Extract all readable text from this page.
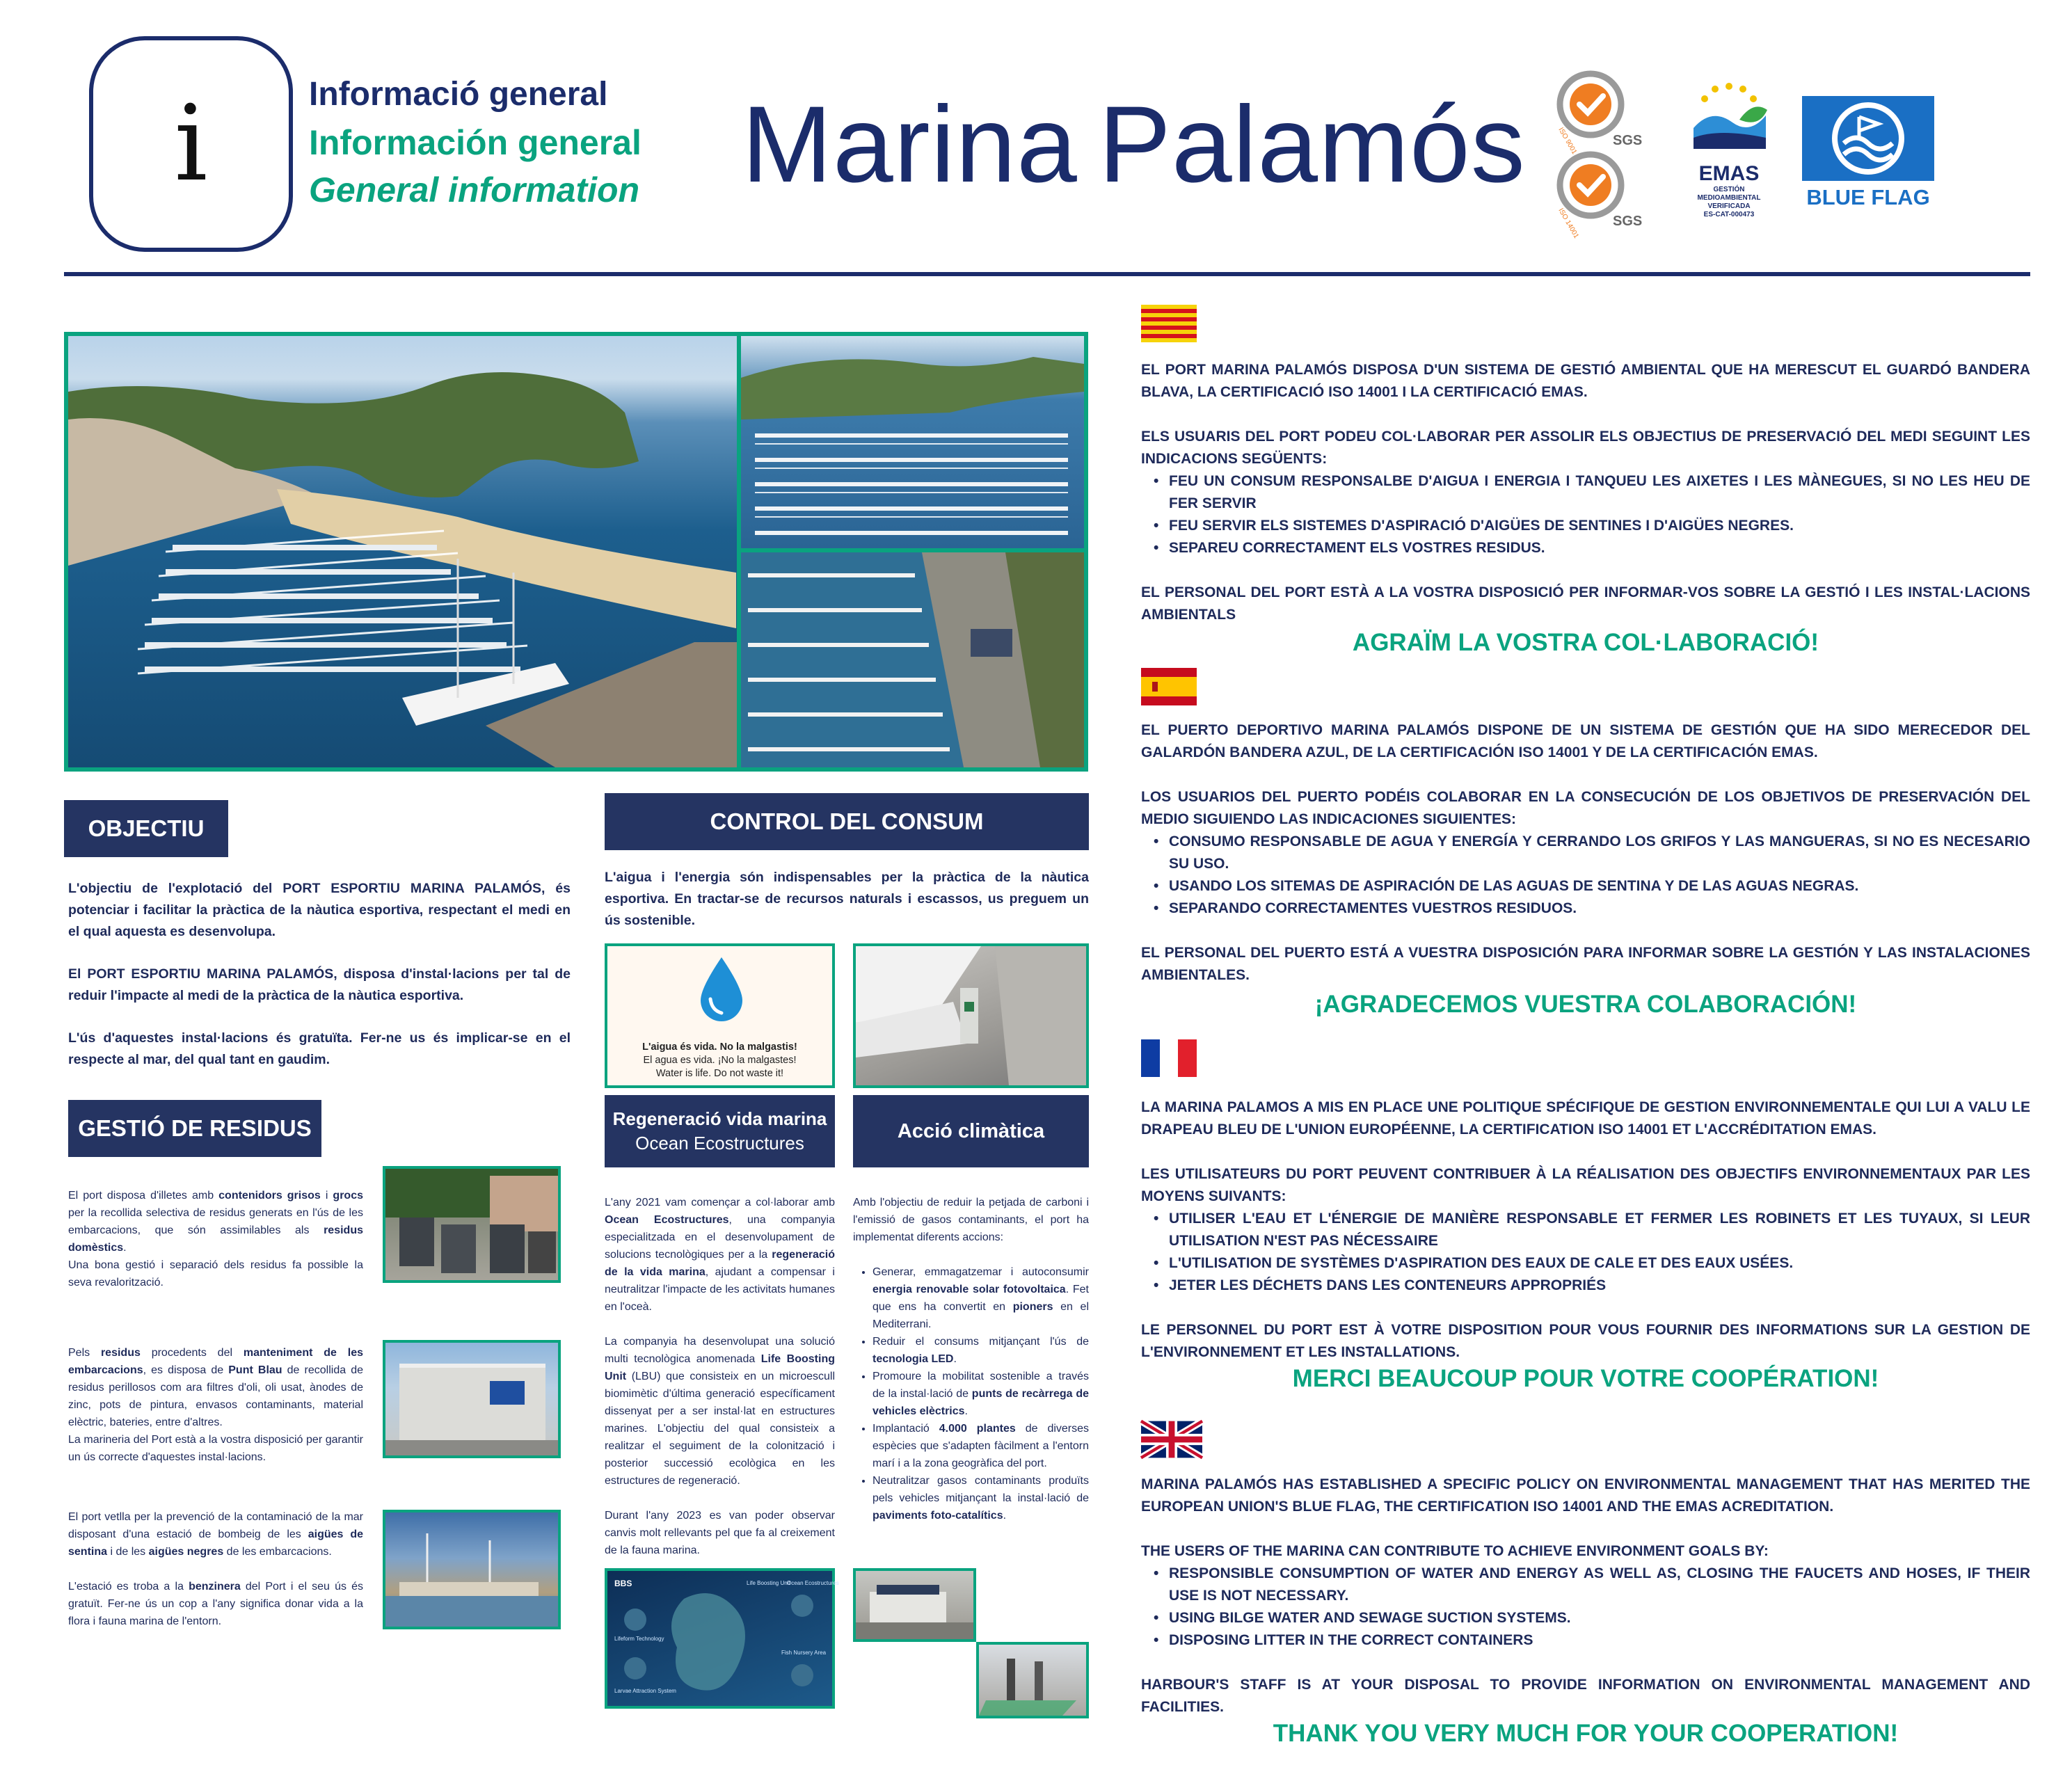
i	Informació general
Información general
General information Marina Palamós	SGS
ISO 9001
SGS
ISO 14001
EMAS
GESTIÓN
MEDIOAMBIENTAL
VERIFICADA
ES-CAT-000473
BLUE FLAG
OBJECTIU

L'objectiu de l'explotació del PORT ESPORTIU MARINA PALAMÓS, és potenciar i facilitar la pràctica de la nàutica esportiva, respectant el medi en el qual aquesta es desenvolupa.

El PORT ESPORTIU MARINA PALAMÓS, disposa d'instal·lacions per tal de reduir l'impacte al medi de la pràctica de la nàutica esportiva.

L'ús d'aquestes instal·lacions és gratuïta. Fer-ne us és implicar-se en el respecte al mar, del qual tant en gaudim.

GESTIÓ DE RESIDUS
El port disposa d'illetes amb contenidors grisos i grocs per la recollida selectiva de residus generats en l'ús de les embarcacions, que són assimilables als residus domèstics.
Una bona gestió i separació dels residus fa possible la seva revalorització.
Pels residus procedents del manteniment de les embarcacions, es disposa de Punt Blau de recollida de residus perillosos com ara filtres d'oli, oli usat, ànodes de zinc, pots de pintura, envasos contaminants, material elèctric, bateries, entre d'altres.
La marineria del Port està a la vostra disposició per garantir un ús correcte d'aquestes instal·lacions.
El port vetlla per la prevenció de la contaminació de la mar disposant d'una estació de bombeig de les aigües de sentina i de les aigües negres de les embarcacions.

L'estació es troba a la benzinera del Port i el seu ús és gratuït. Fer-ne ús un cop a l'any significa donar vida a la flora i fauna marina de l'entorn.
CONTROL DEL CONSUM

L'aigua i l'energia són indispensables per la pràctica de la nàutica esportiva. En tractar-se de recursos naturals i escassos, us preguem un ús sostenible.

L'aigua és vida. No la malgastis!
El agua es vida. ¡No la malgastes!
Water is life. Do not waste it!
Regeneració vida marina
Ocean Ecostructures
Acció climàtica
L'any 2021 vam començar a col·laborar amb Ocean Ecostructures, una companyia especialitzada en el desenvolupament de solucions tecnològiques per a la regeneració de la vida marina, ajudant a compensar i neutralitzar l'impacte de les activitats humanes en l'oceà.

La companyia ha desenvolupat una solució multi tecnològica anomenada Life Boosting Unit (LBU) que consisteix en un microescull biomimètic d'última generació específicament dissenyat per a ser instal·lat en estructures marines. L'objectiu del qual consisteix a realitzar el seguiment de la colonització i posterior successió ecològica en les estructures de regeneració.

Durant l'any 2023 es van poder observar canvis molt rellevants pel que fa al creixement de la fauna marina.

Amb l'objectiu de reduir la petjada de carboni i l'emissió de gasos contaminants, el port ha implementat diferents accions:

• Generar, emmagatzemar i autoconsumir energia renovable solar fotovoltaica. Fet que ens ha convertit en pioners en el Mediterrani.
• Reduir el consums mitjançant l'ús de tecnologia LED.
• Promoure la mobilitat sostenible a través de la instal·lació de punts de recàrrega de vehicles elèctrics.
• Implantació 4.000 plantes de diverses espècies que s'adapten fàcilment a l'entorn marí i a la zona geogràfica del port.
• Neutralitzar gasos contaminants produïts pels vehicles mitjançant la instal·lació de paviments foto-catalítics.
BBS	Life Boosting Unit
Ocean Ecostructures
Lifeform Technology
Larvae Attraction System
Fish Nursery Area

EL PORT MARINA PALAMÓS DISPOSA D'UN SISTEMA DE GESTIÓ AMBIENTAL QUE HA MERESCUT EL GUARDÓ BANDERA BLAVA, LA CERTIFICACIÓ ISO 14001 I LA CERTIFICACIÓ EMAS.

ELS USUARIS DEL PORT PODEU COL·LABORAR PER ASSOLIR ELS OBJECTIUS DE PRESERVACIÓ DEL MEDI SEGUINT LES INDICACIONS SEGÜENTS:

• FEU UN CONSUM RESPONSALBE D'AIGUA I ENERGIA I TANQUEU LES AIXETES I LES MÀNEGUES, SI NO LES HEU DE FER SERVIR
• FEU SERVIR ELS SISTEMES D'ASPIRACIÓ D'AIGÜES DE SENTINES I D'AIGÜES NEGRES.
• SEPAREU CORRECTAMENT ELS VOSTRES RESIDUS.

EL PERSONAL DEL PORT ESTÀ A LA VOSTRA DISPOSICIÓ PER INFORMAR-VOS SOBRE LA GESTIÓ I LES INSTAL·LACIONS AMBIENTALS

AGRAÏM LA VOSTRA COL·LABORACIÓ!

EL PUERTO DEPORTIVO MARINA PALAMÓS DISPONE DE UN SISTEMA DE GESTIÓN QUE HA SIDO MERECEDOR DEL GALARDÓN BANDERA AZUL, DE LA CERTIFICACIÓN ISO 14001 Y DE LA CERTIFICACIÓN EMAS.

LOS USUARIOS DEL PUERTO PODÉIS COLABORAR EN LA CONSECUCIÓN DE LOS OBJETIVOS DE PRESERVACIÓN DEL MEDIO SIGUIENDO LAS INDICACIONES SIGUIENTES:

• CONSUMO RESPONSABLE DE AGUA Y ENERGÍA Y CERRANDO LOS GRIFOS Y LAS MANGUERAS, SI NO ES NECESARIO SU USO.
• USANDO LOS SITEMAS DE ASPIRACIÓN DE LAS AGUAS DE SENTINA Y DE LAS AGUAS NEGRAS.
• SEPARANDO CORRECTAMENTES VUESTROS RESIDUOS.

EL PERSONAL DEL PUERTO ESTÁ A VUESTRA DISPOSICIÓN PARA INFORMAR SOBRE LA GESTIÓN Y LAS INSTALACIONES AMBIENTALES.

¡AGRADECEMOS VUESTRA COLABORACIÓN!

LA MARINA PALAMOS A MIS EN PLACE UNE POLITIQUE SPÉCIFIQUE DE GESTION ENVIRONNEMENTALE QUI LUI A VALU LE DRAPEAU BLEU DE L'UNION EUROPÉENNE, LA CERTIFICATION ISO 14001 ET L'ACCRÉDITATION EMAS.

LES UTILISATEURS DU PORT PEUVENT CONTRIBUER À LA RÉALISATION DES OBJECTIFS ENVIRONNEMENTAUX PAR LES MOYENS SUIVANTS:

• UTILISER L'EAU ET L'ÉNERGIE DE MANIÈRE RESPONSABLE ET FERMER LES ROBINETS ET LES TUYAUX, SI LEUR UTILISATION N'EST PAS NÉCESSAIRE
• L'UTILISATION DE SYSTÈMES D'ASPIRATION DES EAUX DE CALE ET DES EAUX USÉES.
• JETER LES DÉCHETS DANS LES CONTENEURS APPROPRIÉS

LE PERSONNEL DU PORT EST À VOTRE DISPOSITION POUR VOUS FOURNIR DES INFORMATIONS SUR LA GESTION DE L'ENVIRONNEMENT ET LES INSTALLATIONS.

MERCI BEAUCOUP POUR VOTRE COOPÉRATION!

MARINA PALAMÓS HAS ESTABLISHED A SPECIFIC POLICY ON ENVIRONMENTAL MANAGEMENT THAT HAS MERITED THE EUROPEAN UNION'S BLUE FLAG, THE CERTIFICATION ISO 14001 AND THE EMAS ACREDITATION.

THE USERS OF THE MARINA CAN CONTRIBUTE TO ACHIEVE ENVIRONMENT GOALS BY:

• RESPONSIBLE CONSUMPTION OF WATER AND ENERGY AS WELL AS, CLOSING THE FAUCETS AND HOSES, IF THEIR USE IS NOT NECESSARY.
• USING BILGE WATER AND SEWAGE SUCTION SYSTEMS.
• DISPOSING LITTER IN THE CORRECT CONTAINERS

HARBOUR'S STAFF IS AT YOUR DISPOSAL TO PROVIDE INFORMATION ON ENVIRONMENTAL MANAGEMENT AND FACILITIES.

THANK YOU VERY MUCH FOR YOUR COOPERATION!
